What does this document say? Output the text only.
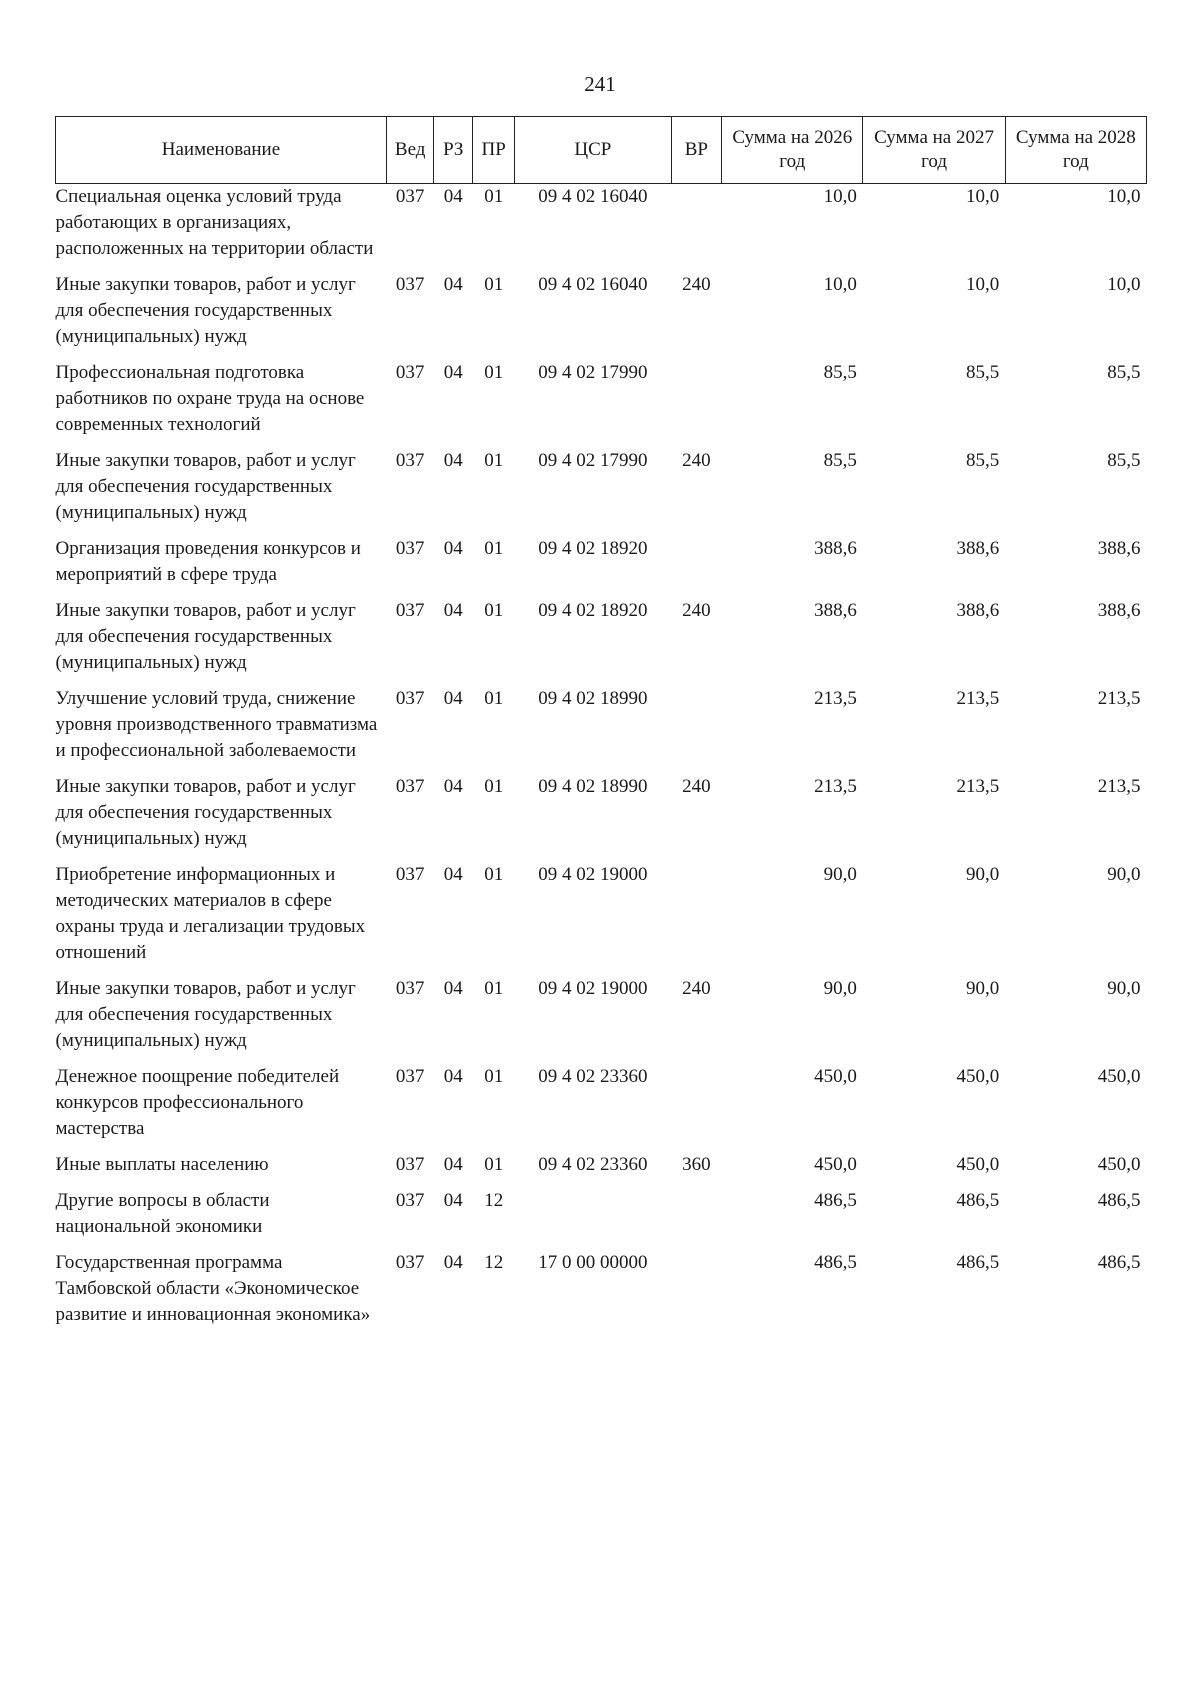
241
Наименование	Вед	РЗ	ПР	ЦСР	ВР	Сумма на 2026 год	Сумма на 2027 год	Сумма на 2028 год
Специальная оценка условий труда работающих в организациях, расположенных на территории области	037	04	01	09 4 02 16040		10,0	10,0	10,0
Иные закупки товаров, работ и услуг для обеспечения государственных (муниципальных) нужд	037	04	01	09 4 02 16040	240	10,0	10,0	10,0
Профессиональная подготовка работников по охране труда на основе современных технологий	037	04	01	09 4 02 17990		85,5	85,5	85,5
Иные закупки товаров, работ и услуг для обеспечения государственных (муниципальных) нужд	037	04	01	09 4 02 17990	240	85,5	85,5	85,5
Организация проведения конкурсов и мероприятий в сфере труда	037	04	01	09 4 02 18920		388,6	388,6	388,6
Иные закупки товаров, работ и услуг для обеспечения государственных (муниципальных) нужд	037	04	01	09 4 02 18920	240	388,6	388,6	388,6
Улучшение условий труда, снижение уровня производственного травматизма и профессиональной заболеваемости	037	04	01	09 4 02 18990		213,5	213,5	213,5
Иные закупки товаров, работ и услуг для обеспечения государственных (муниципальных) нужд	037	04	01	09 4 02 18990	240	213,5	213,5	213,5
Приобретение информационных и методических материалов в сфере охраны труда и легализации трудовых отношений	037	04	01	09 4 02 19000		90,0	90,0	90,0
Иные закупки товаров, работ и услуг для обеспечения государственных (муниципальных) нужд	037	04	01	09 4 02 19000	240	90,0	90,0	90,0
Денежное поощрение победителей конкурсов профессионального мастерства	037	04	01	09 4 02 23360		450,0	450,0	450,0
Иные выплаты населению	037	04	01	09 4 02 23360	360	450,0	450,0	450,0
Другие вопросы в области национальной экономики	037	04	12			486,5	486,5	486,5
Государственная программа Тамбовской области «Экономическое развитие и инновационная экономика»	037	04	12	17 0 00 00000		486,5	486,5	486,5
